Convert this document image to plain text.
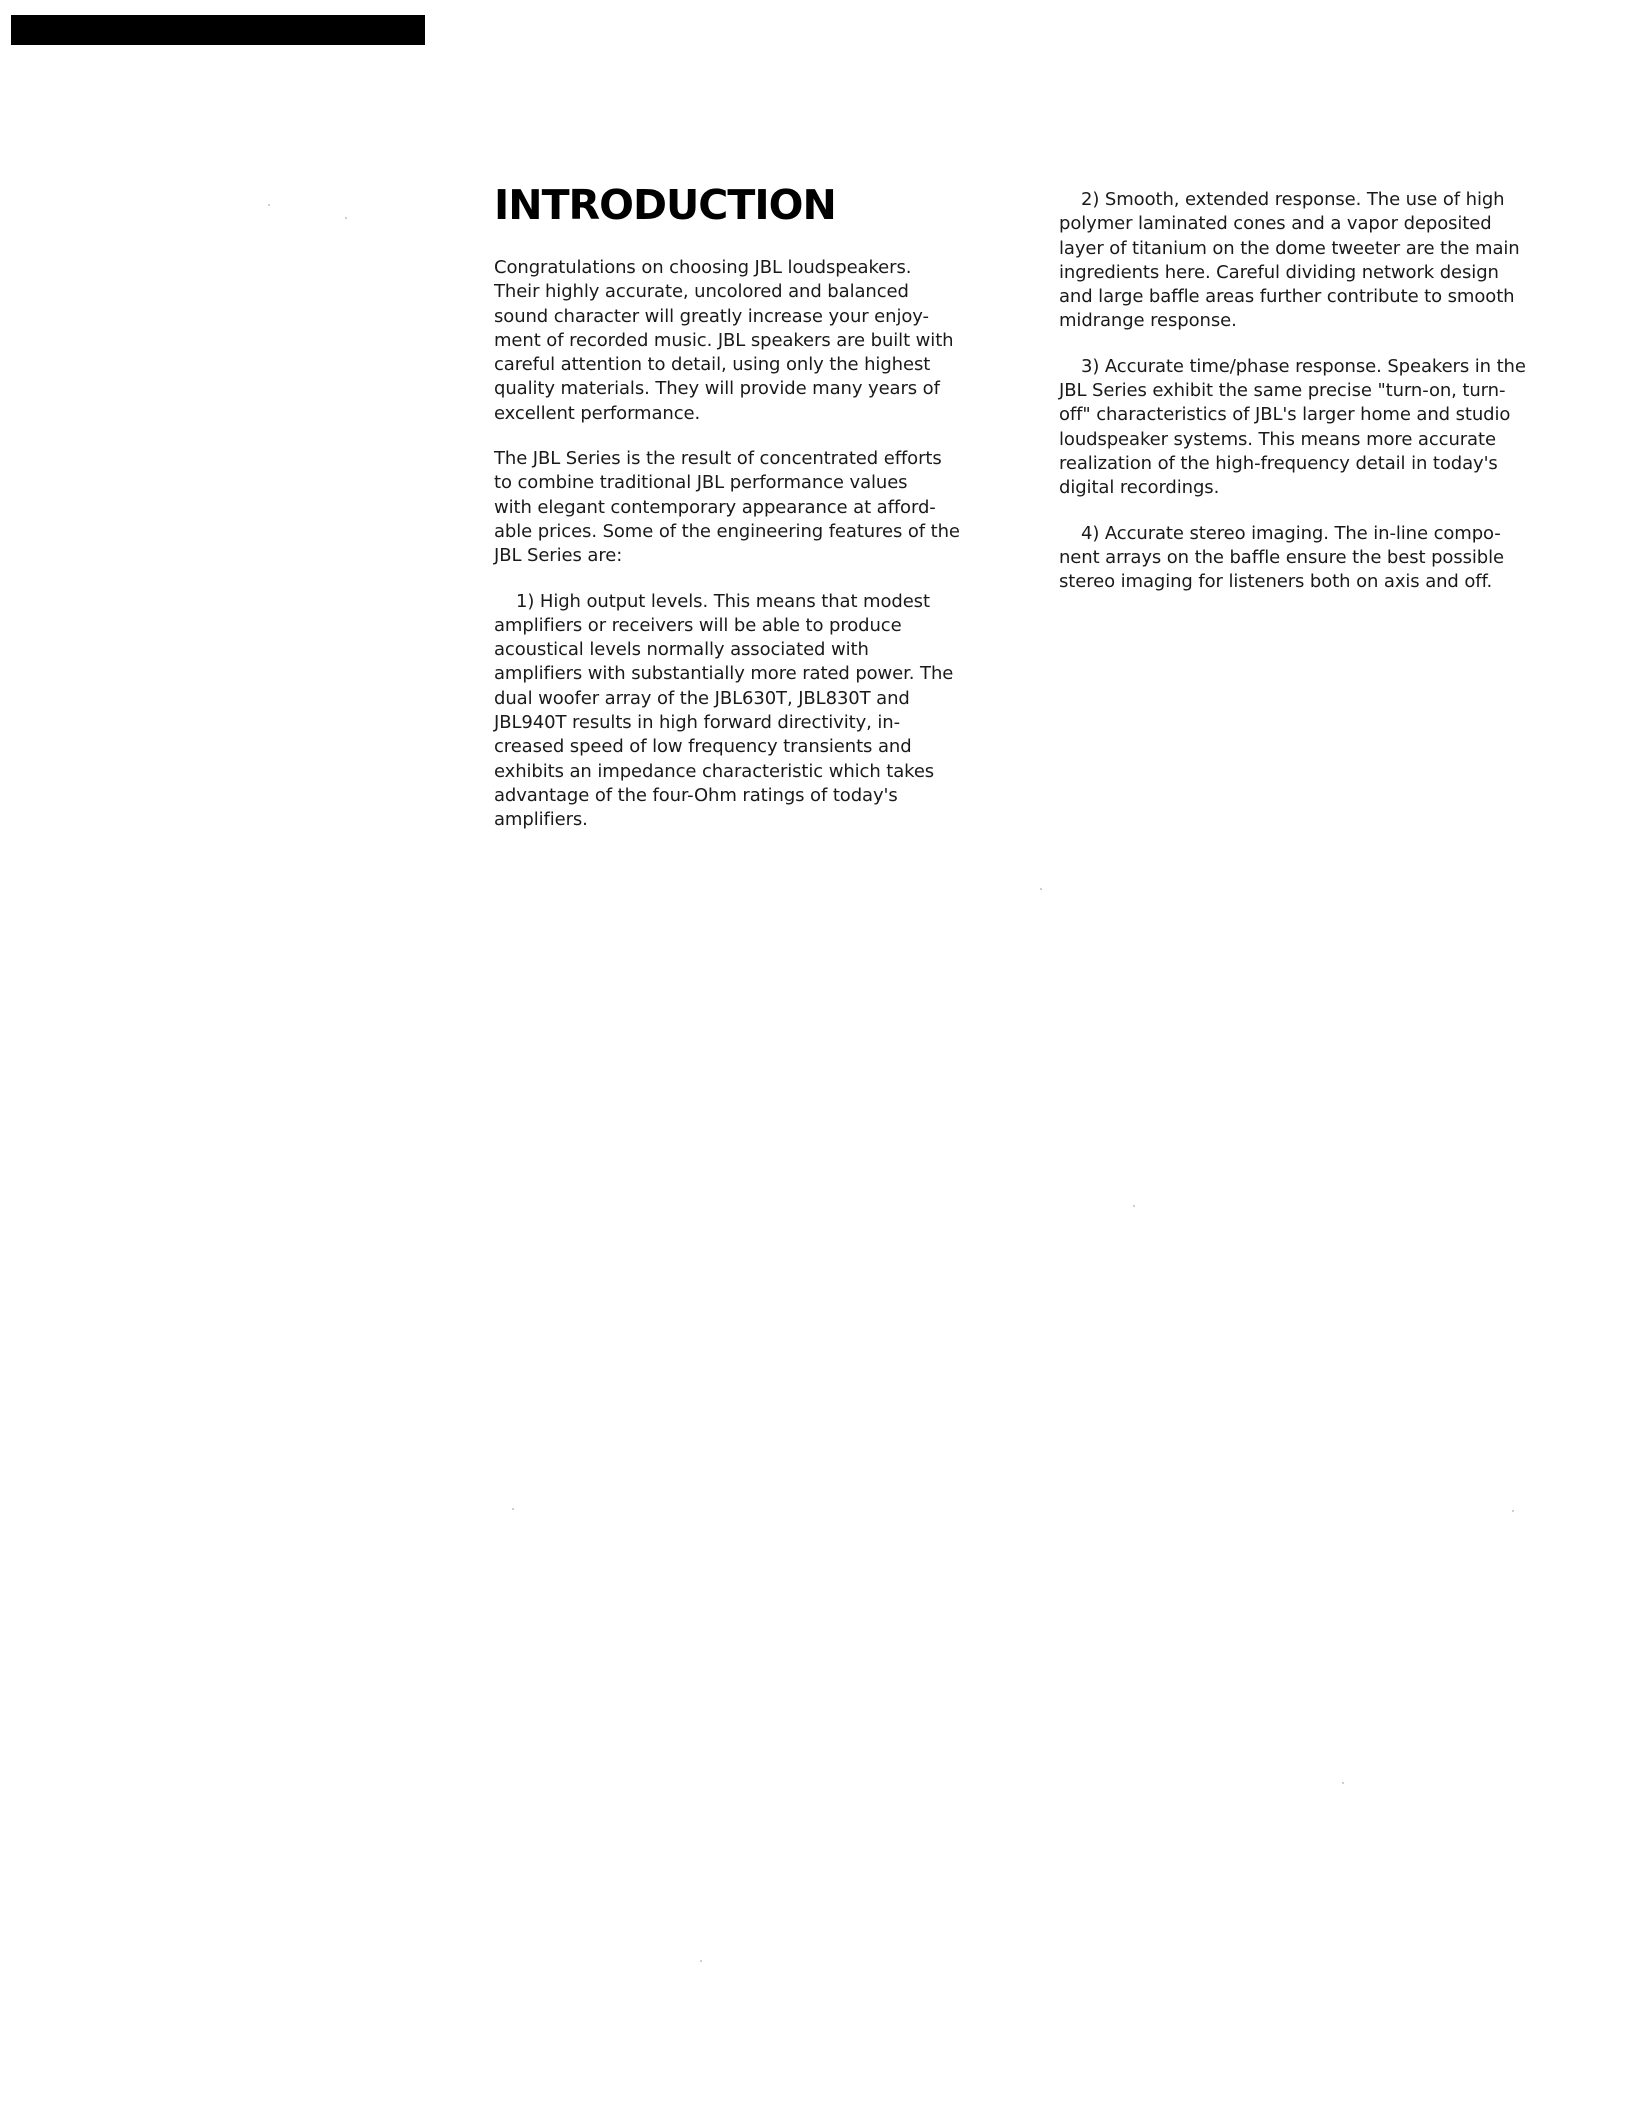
INTRODUCTION

Congratulations on choosing JBL loudspeakers.
Their highly accurate, uncolored and balanced
sound character will greatly increase your enjoy-
ment of recorded music. JBL speakers are built with
careful attention to detail, using only the highest
quality materials. They will provide many years of
excellent performance.

The JBL Series is the result of concentrated efforts
to combine traditional JBL performance values
with elegant contemporary appearance at afford-
able prices. Some of the engineering features of the
JBL Series are:

1) High output levels. This means that modest
amplifiers or receivers will be able to produce
acoustical levels normally associated with
amplifiers with substantially more rated power. The
dual woofer array of the JBL630T, JBL830T and
JBL940T results in high forward directivity, in-
creased speed of low frequency transients and
exhibits an impedance characteristic which takes
advantage of the four-Ohm ratings of today's
amplifiers.

2) Smooth, extended response. The use of high
polymer laminated cones and a vapor deposited
layer of titanium on the dome tweeter are the main
ingredients here. Careful dividing network design
and large baffle areas further contribute to smooth
midrange response.

3) Accurate time/phase response. Speakers in the
JBL Series exhibit the same precise "turn-on, turn-
off" characteristics of JBL's larger home and studio
loudspeaker systems. This means more accurate
realization of the high-frequency detail in today's
digital recordings.

4) Accurate stereo imaging. The in-line compo-
nent arrays on the baffle ensure the best possible
stereo imaging for listeners both on axis and off.
